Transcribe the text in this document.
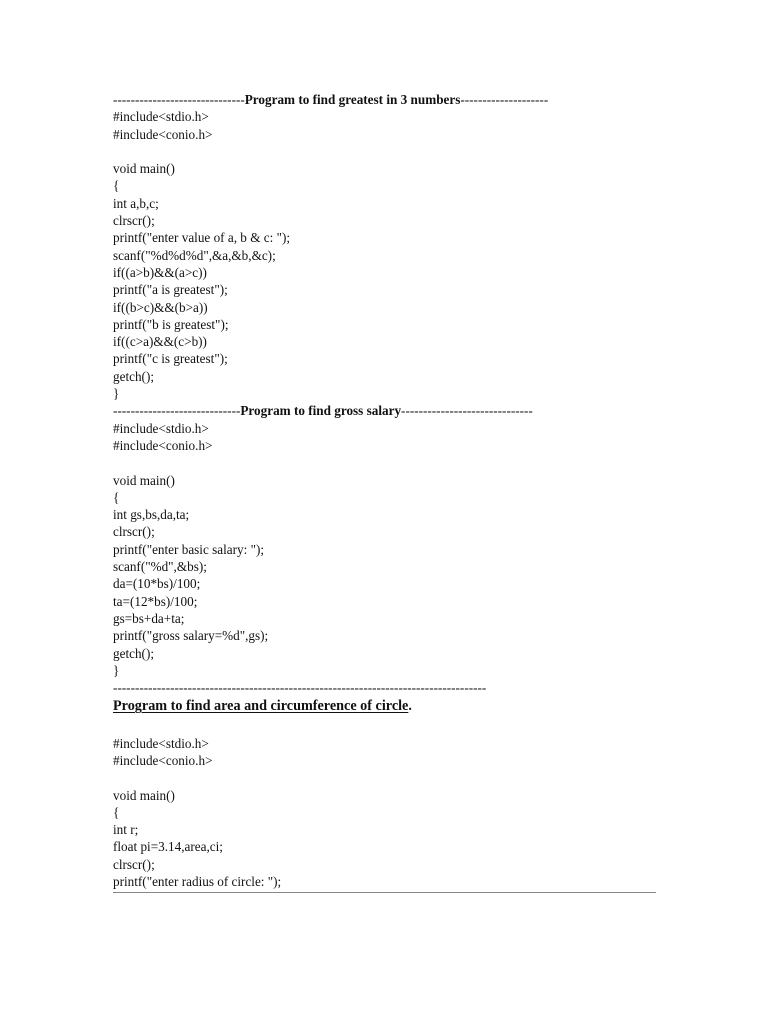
------------------------------Program to find greatest in 3 numbers--------------------
#include<stdio.h>
#include<conio.h>
void main()
{
int a,b,c;
clrscr();
printf("enter value of a, b & c: ");
scanf("%d%d%d",&a,&b,&c);
if((a>b)&&(a>c))
printf("a is greatest");
if((b>c)&&(b>a))
printf("b is greatest");
if((c>a)&&(c>b))
printf("c is greatest");
getch();
}
-----------------------------Program to find gross salary------------------------------
#include<stdio.h>
#include<conio.h>
void main()
{
int gs,bs,da,ta;
clrscr();
printf("enter basic salary: ");
scanf("%d",&bs);
da=(10*bs)/100;
ta=(12*bs)/100;
gs=bs+da+ta;
printf("gross salary=%d",gs);
getch();
}
-------------------------------------------------------------------------------------
Program to find area and circumference of circle.
#include<stdio.h>
#include<conio.h>
void main()
{
int r;
float pi=3.14,area,ci;
clrscr();
printf("enter radius of circle: ");
